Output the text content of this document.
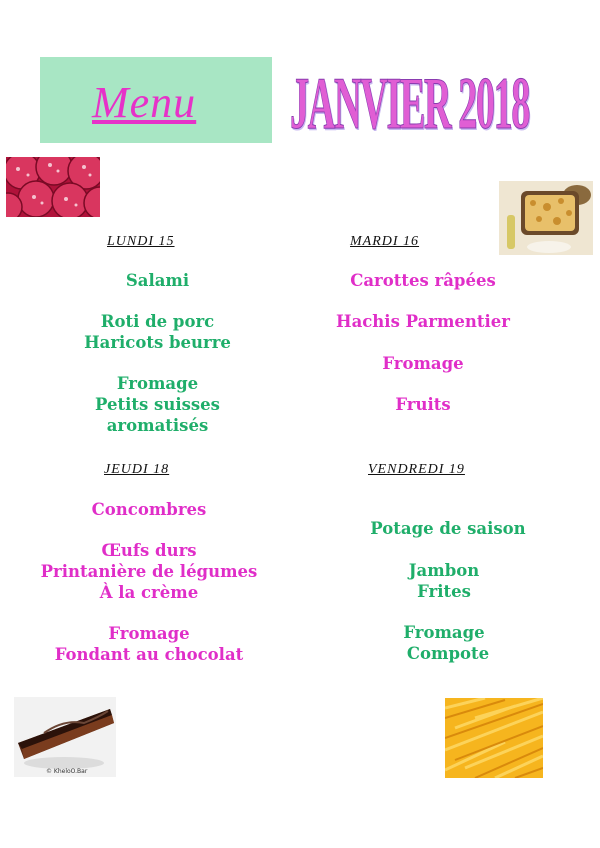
Menu JANVIER 2018
© KheloO.Bar
LUNDI 15
Salami
Roti de porc
Haricots beurre
Fromage
Petits suisses
aromatisés
MARDI 16
Carottes râpées
Hachis Parmentier
Fromage
Fruits
JEUDI 18
Concombres
Œufs durs
Printanière de légumes
À la crème
Fromage
Fondant au chocolat
VENDREDI 19
Potage de saison
Jambon
Frites
Fromage
Compote
